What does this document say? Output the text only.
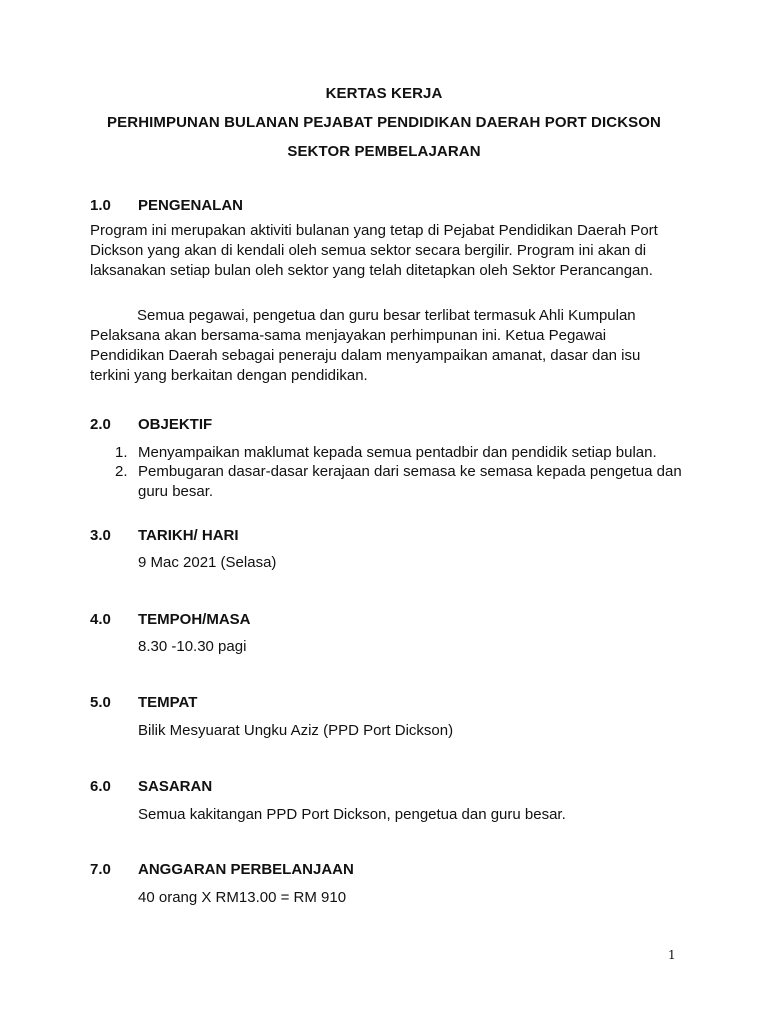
KERTAS KERJA
PERHIMPUNAN BULANAN PEJABAT PENDIDIKAN DAERAH PORT DICKSON
SEKTOR PEMBELAJARAN
1.0 PENGENALAN
Program ini merupakan aktiviti bulanan yang tetap di Pejabat Pendidikan Daerah Port Dickson yang akan di kendali oleh semua sektor secara bergilir. Program ini akan di laksanakan setiap bulan oleh sektor yang telah ditetapkan oleh Sektor Perancangan.
Semua pegawai, pengetua dan guru besar terlibat termasuk Ahli Kumpulan Pelaksana akan bersama-sama menjayakan perhimpunan ini. Ketua Pegawai Pendidikan Daerah sebagai peneraju dalam menyampaikan amanat, dasar dan isu terkini yang berkaitan dengan pendidikan.
2.0 OBJEKTIF
1. Menyampaikan maklumat kepada semua pentadbir dan pendidik setiap bulan.
2. Pembugaran dasar-dasar kerajaan dari semasa ke semasa kepada pengetua dan guru besar.
3.0 TARIKH/ HARI
9 Mac 2021 (Selasa)
4.0 TEMPOH/MASA
8.30 -10.30 pagi
5.0 TEMPAT
Bilik Mesyuarat Ungku Aziz (PPD Port Dickson)
6.0 SASARAN
Semua kakitangan PPD Port Dickson, pengetua dan guru besar.
7.0 ANGGARAN PERBELANJAAN
40 orang X RM13.00 = RM 910
1
